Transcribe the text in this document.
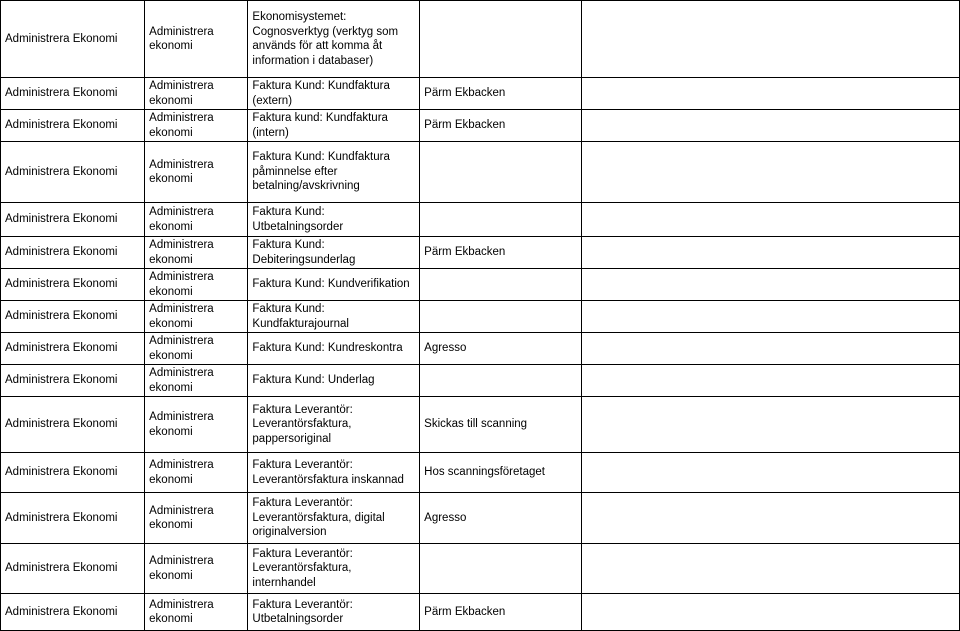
Administrera Ekonomi	Administrera ekonomi	Ekonomisystemet: Cognosverktyg (verktyg som används för att komma åt information i databaser)		
Administrera Ekonomi	Administrera ekonomi	Faktura Kund: Kundfaktura (extern)	Pärm Ekbacken	
Administrera Ekonomi	Administrera ekonomi	Faktura kund: Kundfaktura (intern)	Pärm Ekbacken	
Administrera Ekonomi	Administrera ekonomi	Faktura Kund: Kundfaktura påminnelse efter betalning/avskrivning		
Administrera Ekonomi	Administrera ekonomi	Faktura Kund: Utbetalningsorder		
Administrera Ekonomi	Administrera ekonomi	Faktura Kund: Debiteringsunderlag	Pärm Ekbacken	
Administrera Ekonomi	Administrera ekonomi	Faktura Kund: Kundverifikation		
Administrera Ekonomi	Administrera ekonomi	Faktura Kund: Kundfakturajournal		
Administrera Ekonomi	Administrera ekonomi	Faktura Kund: Kundreskontra	Agresso	
Administrera Ekonomi	Administrera ekonomi	Faktura Kund: Underlag		
Administrera Ekonomi	Administrera ekonomi	Faktura Leverantör: Leverantörsfaktura, pappersoriginal	Skickas till scanning	
Administrera Ekonomi	Administrera ekonomi	Faktura Leverantör: Leverantörsfaktura inskannad	Hos scanningsföretaget	
Administrera Ekonomi	Administrera ekonomi	Faktura Leverantör: Leverantörsfaktura, digital originalversion	Agresso	
Administrera Ekonomi	Administrera ekonomi	Faktura Leverantör: Leverantörsfaktura, internhandel		
Administrera Ekonomi	Administrera ekonomi	Faktura Leverantör: Utbetalningsorder	Pärm Ekbacken	
